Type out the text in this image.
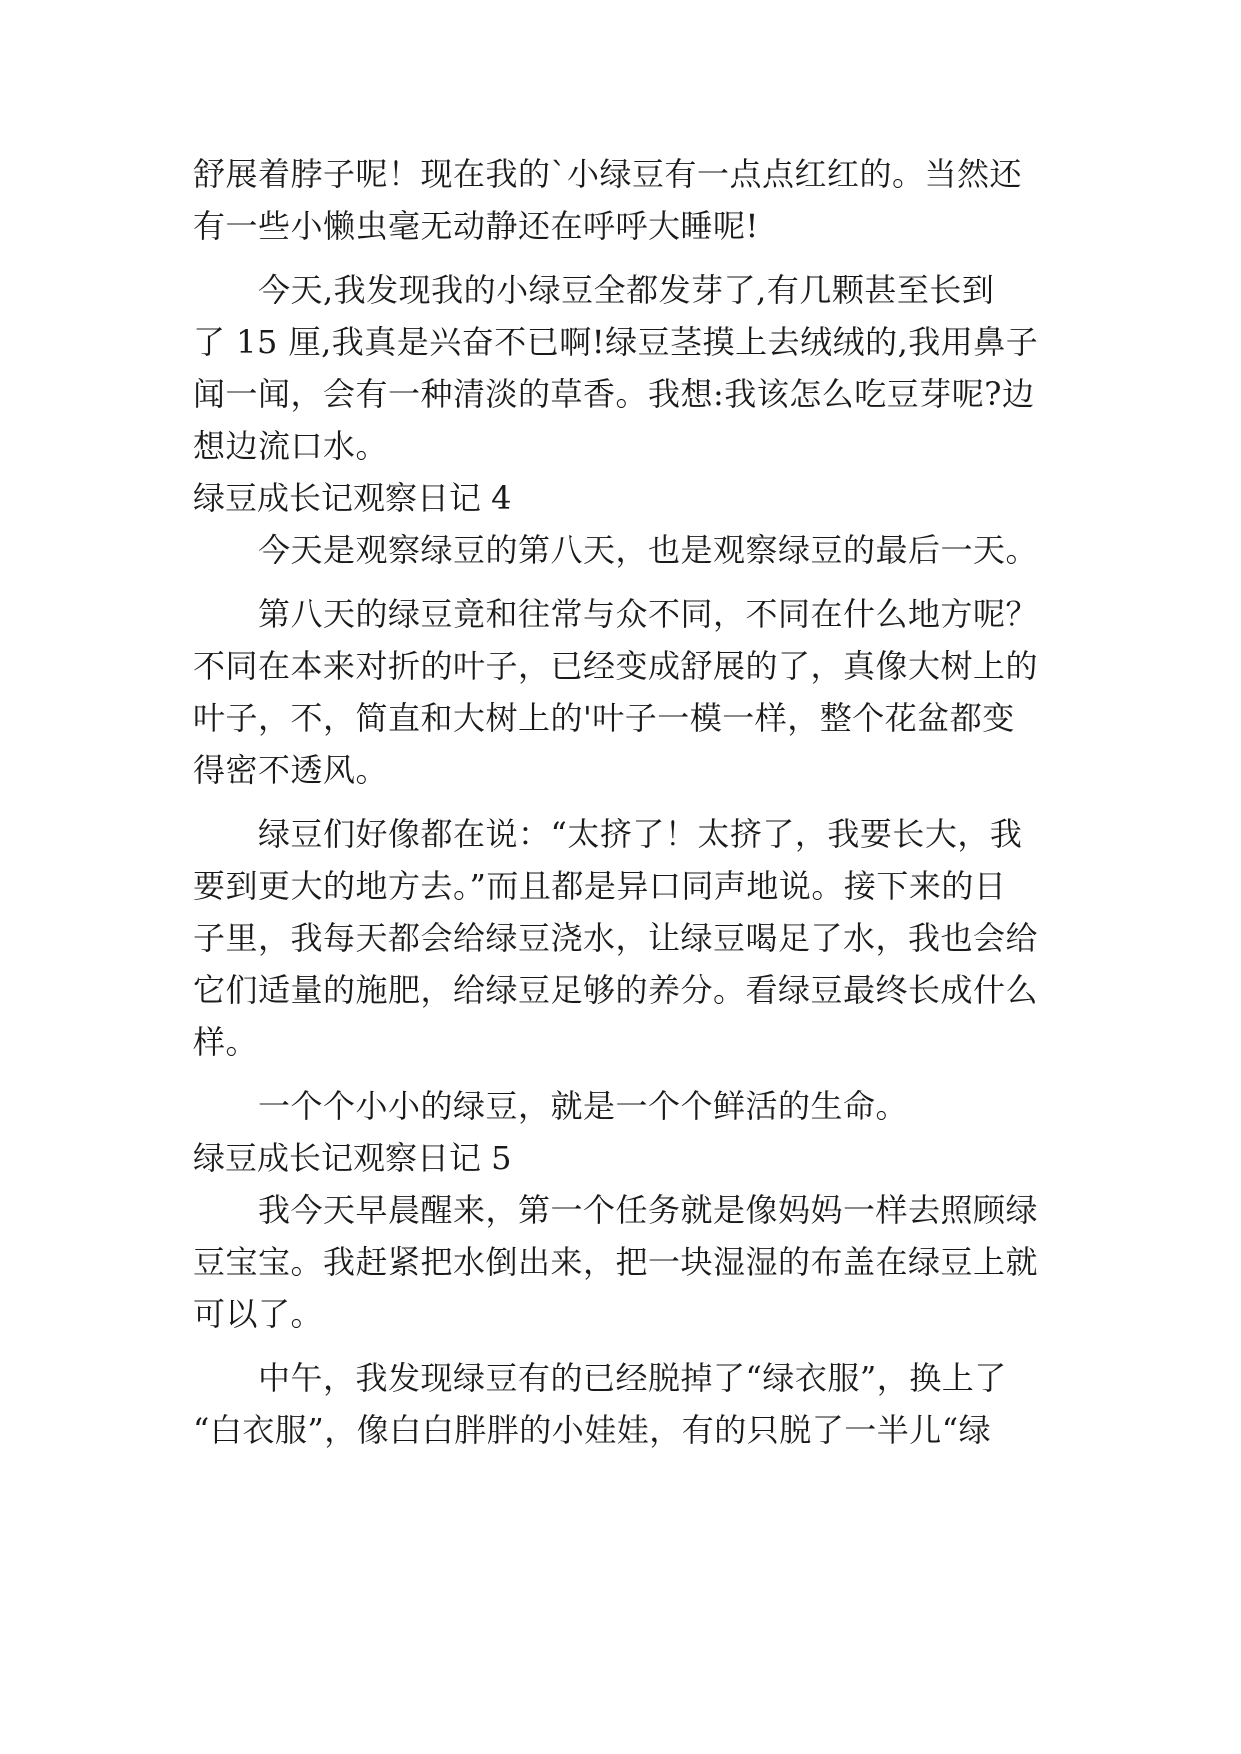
舒展着脖子呢！现在我的`小绿豆有一点点红红的。当然还
有一些小懒虫毫无动静还在呼呼大睡呢!
今天,我发现我的小绿豆全都发芽了,有几颗甚至长到
了 15 厘,我真是兴奋不已啊!绿豆茎摸上去绒绒的,我用鼻子
闻一闻，会有一种清淡的草香。我想:我该怎么吃豆芽呢?边
想边流口水。
绿豆成长记观察日记 4
今天是观察绿豆的第八天，也是观察绿豆的最后一天。
第八天的绿豆竟和往常与众不同，不同在什么地方呢？
不同在本来对折的叶子，已经变成舒展的了，真像大树上的
叶子，不，简直和大树上的'叶子一模一样，整个花盆都变
得密不透风。
绿豆们好像都在说：“太挤了！太挤了，我要长大，我
要到更大的地方去。”而且都是异口同声地说。接下来的日
子里，我每天都会给绿豆浇水，让绿豆喝足了水，我也会给
它们适量的施肥，给绿豆足够的养分。看绿豆最终长成什么
样。
一个个小小的绿豆，就是一个个鲜活的生命。
绿豆成长记观察日记 5
我今天早晨醒来，第一个任务就是像妈妈一样去照顾绿
豆宝宝。我赶紧把水倒出来，把一块湿湿的布盖在绿豆上就
可以了。
中午，我发现绿豆有的已经脱掉了“绿衣服”，换上了
“白衣服”，像白白胖胖的小娃娃，有的只脱了一半儿“绿
